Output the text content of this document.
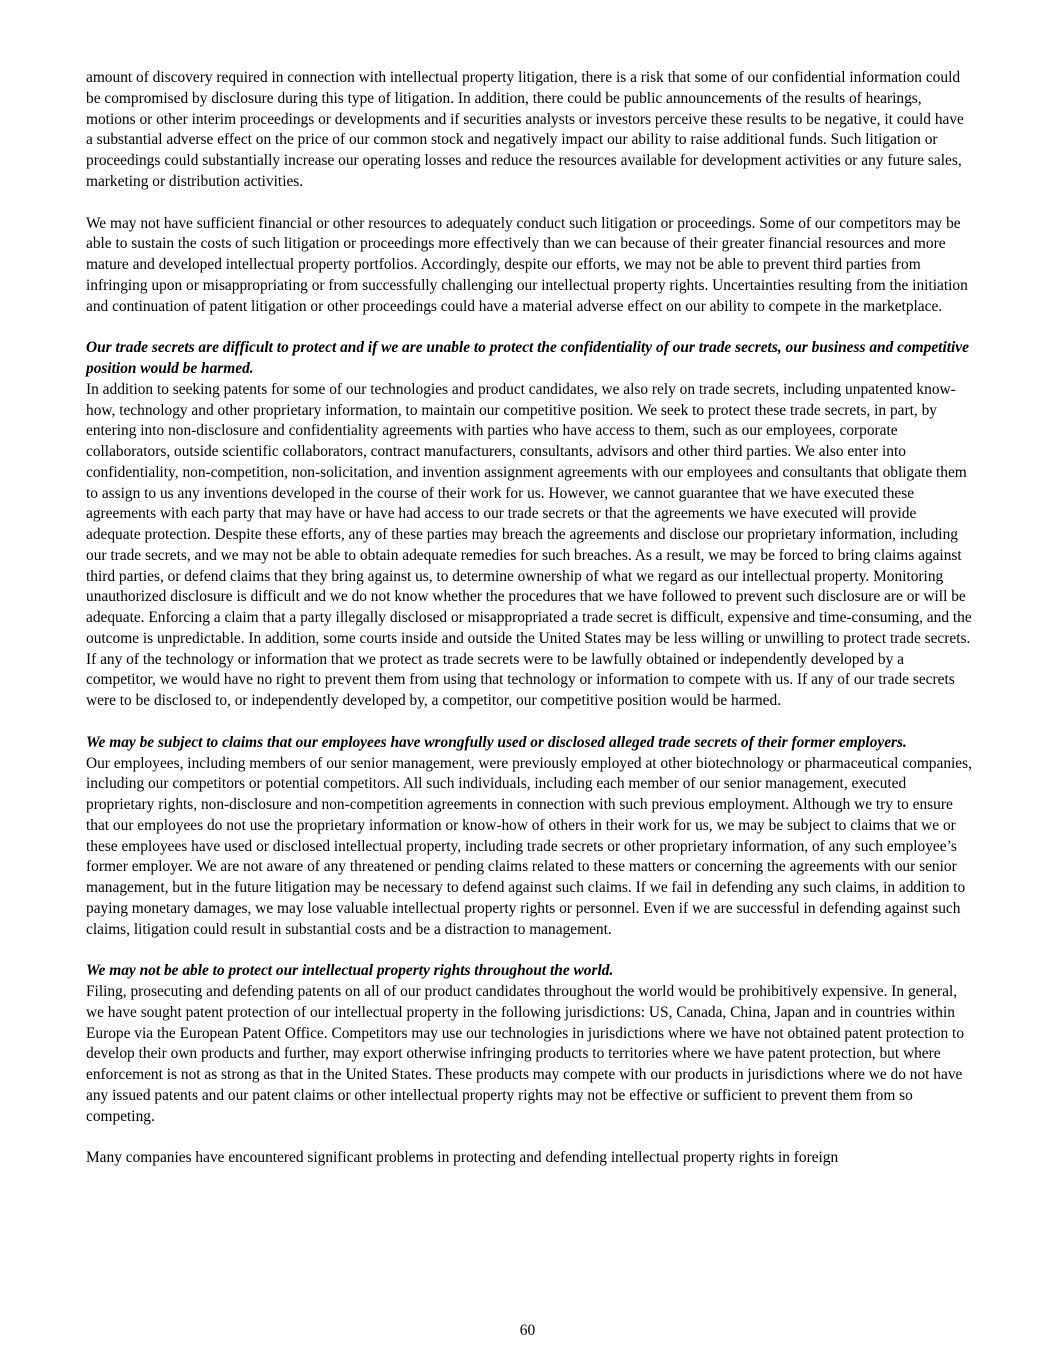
amount of discovery required in connection with intellectual property litigation, there is a risk that some of our confidential information could be compromised by disclosure during this type of litigation. In addition, there could be public announcements of the results of hearings, motions or other interim proceedings or developments and if securities analysts or investors perceive these results to be negative, it could have a substantial adverse effect on the price of our common stock and negatively impact our ability to raise additional funds. Such litigation or proceedings could substantially increase our operating losses and reduce the resources available for development activities or any future sales, marketing or distribution activities.

We may not have sufficient financial or other resources to adequately conduct such litigation or proceedings. Some of our competitors may be able to sustain the costs of such litigation or proceedings more effectively than we can because of their greater financial resources and more mature and developed intellectual property portfolios. Accordingly, despite our efforts, we may not be able to prevent third parties from infringing upon or misappropriating or from successfully challenging our intellectual property rights. Uncertainties resulting from the initiation and continuation of patent litigation or other proceedings could have a material adverse effect on our ability to compete in the marketplace.

Our trade secrets are difficult to protect and if we are unable to protect the confidentiality of our trade secrets, our business and competitive position would be harmed.

In addition to seeking patents for some of our technologies and product candidates, we also rely on trade secrets, including unpatented know-how, technology and other proprietary information, to maintain our competitive position. We seek to protect these trade secrets, in part, by entering into non-disclosure and confidentiality agreements with parties who have access to them, such as our employees, corporate collaborators, outside scientific collaborators, contract manufacturers, consultants, advisors and other third parties. We also enter into confidentiality, non-competition, non-solicitation, and invention assignment agreements with our employees and consultants that obligate them to assign to us any inventions developed in the course of their work for us. However, we cannot guarantee that we have executed these agreements with each party that may have or have had access to our trade secrets or that the agreements we have executed will provide adequate protection. Despite these efforts, any of these parties may breach the agreements and disclose our proprietary information, including our trade secrets, and we may not be able to obtain adequate remedies for such breaches. As a result, we may be forced to bring claims against third parties, or defend claims that they bring against us, to determine ownership of what we regard as our intellectual property. Monitoring unauthorized disclosure is difficult and we do not know whether the procedures that we have followed to prevent such disclosure are or will be adequate. Enforcing a claim that a party illegally disclosed or misappropriated a trade secret is difficult, expensive and time-consuming, and the outcome is unpredictable. In addition, some courts inside and outside the United States may be less willing or unwilling to protect trade secrets. If any of the technology or information that we protect as trade secrets were to be lawfully obtained or independently developed by a competitor, we would have no right to prevent them from using that technology or information to compete with us. If any of our trade secrets were to be disclosed to, or independently developed by, a competitor, our competitive position would be harmed.

We may be subject to claims that our employees have wrongfully used or disclosed alleged trade secrets of their former employers.

Our employees, including members of our senior management, were previously employed at other biotechnology or pharmaceutical companies, including our competitors or potential competitors. All such individuals, including each member of our senior management, executed proprietary rights, non-disclosure and non-competition agreements in connection with such previous employment. Although we try to ensure that our employees do not use the proprietary information or know-how of others in their work for us, we may be subject to claims that we or these employees have used or disclosed intellectual property, including trade secrets or other proprietary information, of any such employee’s former employer. We are not aware of any threatened or pending claims related to these matters or concerning the agreements with our senior management, but in the future litigation may be necessary to defend against such claims. If we fail in defending any such claims, in addition to paying monetary damages, we may lose valuable intellectual property rights or personnel. Even if we are successful in defending against such claims, litigation could result in substantial costs and be a distraction to management.

We may not be able to protect our intellectual property rights throughout the world.

Filing, prosecuting and defending patents on all of our product candidates throughout the world would be prohibitively expensive. In general, we have sought patent protection of our intellectual property in the following jurisdictions: US, Canada, China, Japan and in countries within Europe via the European Patent Office. Competitors may use our technologies in jurisdictions where we have not obtained patent protection to develop their own products and further, may export otherwise infringing products to territories where we have patent protection, but where enforcement is not as strong as that in the United States. These products may compete with our products in jurisdictions where we do not have any issued patents and our patent claims or other intellectual property rights may not be effective or sufficient to prevent them from so competing.

Many companies have encountered significant problems in protecting and defending intellectual property rights in foreign

60
